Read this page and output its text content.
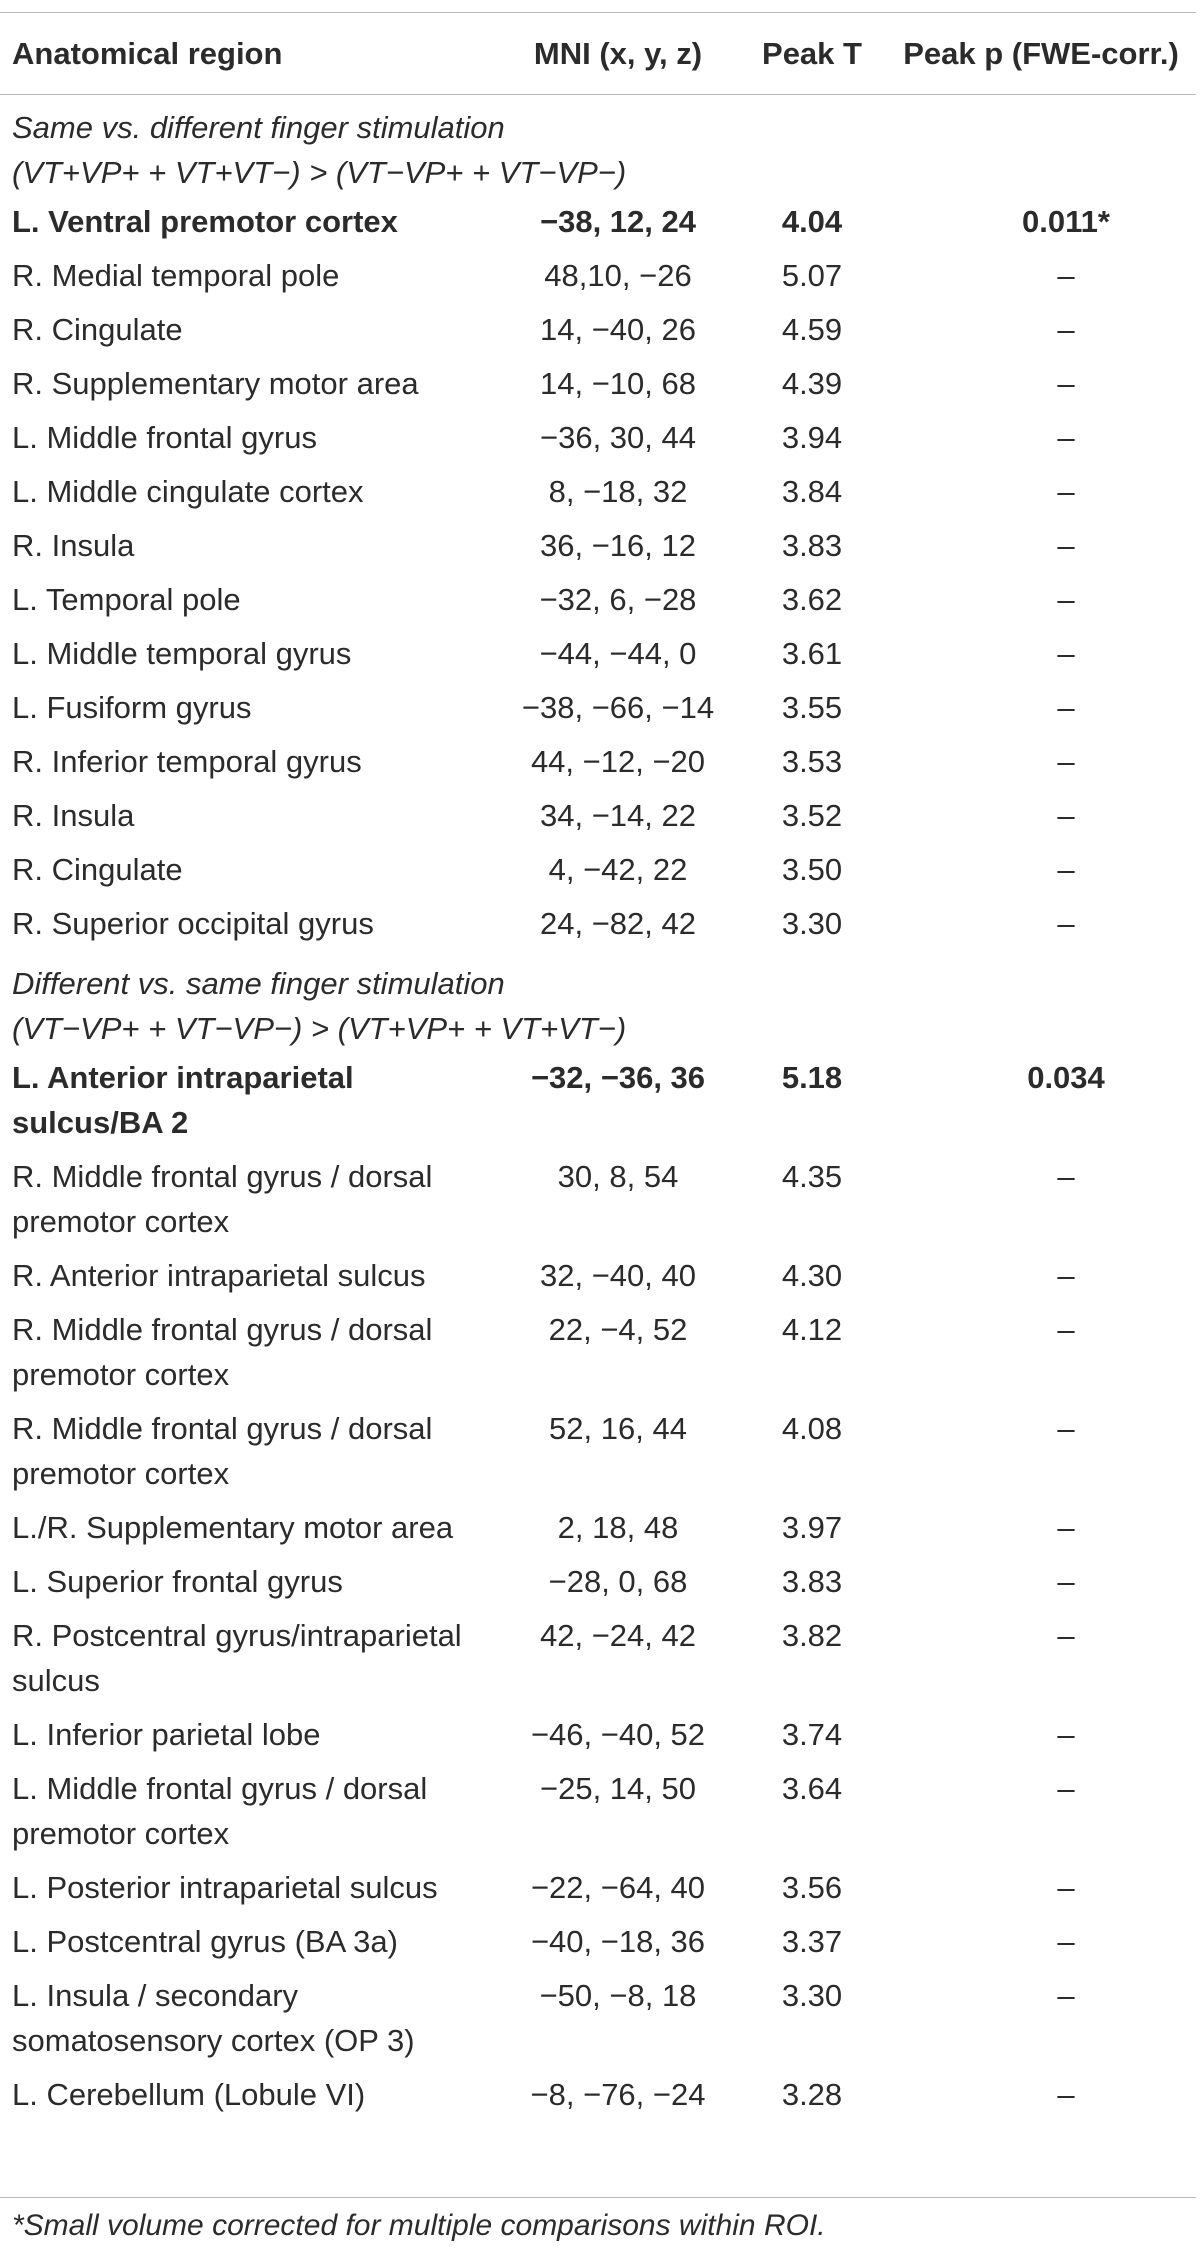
Anatomical region	MNI (x, y, z)	Peak T	Peak p (FWE-corr.)

Same vs. different finger stimulation
(VT+VP+ + VT+VT−) > (VT−VP+ + VT−VP−)			

L. Ventral premotor cortex	−38, 12, 24	4.04	0.011*
R. Medial temporal pole	48,10, −26	5.07	–
R. Cingulate	14, −40, 26	4.59	–
R. Supplementary motor area	14, −10, 68	4.39	–
L. Middle frontal gyrus	−36, 30, 44	3.94	–
L. Middle cingulate cortex	8, −18, 32	3.84	–
R. Insula	36, −16, 12	3.83	–
L. Temporal pole	−32, 6, −28	3.62	–
L. Middle temporal gyrus	−44, −44, 0	3.61	–
L. Fusiform gyrus	−38, −66, −14	3.55	–
R. Inferior temporal gyrus	44, −12, −20	3.53	–
R. Insula	34, −14, 22	3.52	–
R. Cingulate	4, −42, 22	3.50	–
R. Superior occipital gyrus	24, −82, 42	3.30	–

Different vs. same finger stimulation
(VT−VP+ + VT−VP−) > (VT+VP+ + VT+VT−)			

L. Anterior intraparietal sulcus/BA 2	−32, −36, 36	5.18	0.034
R. Middle frontal gyrus / dorsal premotor cortex	30, 8, 54	4.35	–
R. Anterior intraparietal sulcus	32, −40, 40	4.30	–
R. Middle frontal gyrus / dorsal premotor cortex	22, −4, 52	4.12	–
R. Middle frontal gyrus / dorsal premotor cortex	52, 16, 44	4.08	–
L./R. Supplementary motor area	2, 18, 48	3.97	–
L. Superior frontal gyrus	−28, 0, 68	3.83	–
R. Postcentral gyrus/intraparietal sulcus	42, −24, 42	3.82	–
L. Inferior parietal lobe	−46, −40, 52	3.74	–
L. Middle frontal gyrus / dorsal premotor cortex	−25, 14, 50	3.64	–
L. Posterior intraparietal sulcus	−22, −64, 40	3.56	–
L. Postcentral gyrus (BA 3a)	−40, −18, 36	3.37	–
L. Insula / secondary somatosensory cortex (OP 3)	−50, −8, 18	3.30	–
L. Cerebellum (Lobule VI)	−8, −76, −24	3.28	–
*Small volume corrected for multiple comparisons within ROI.
